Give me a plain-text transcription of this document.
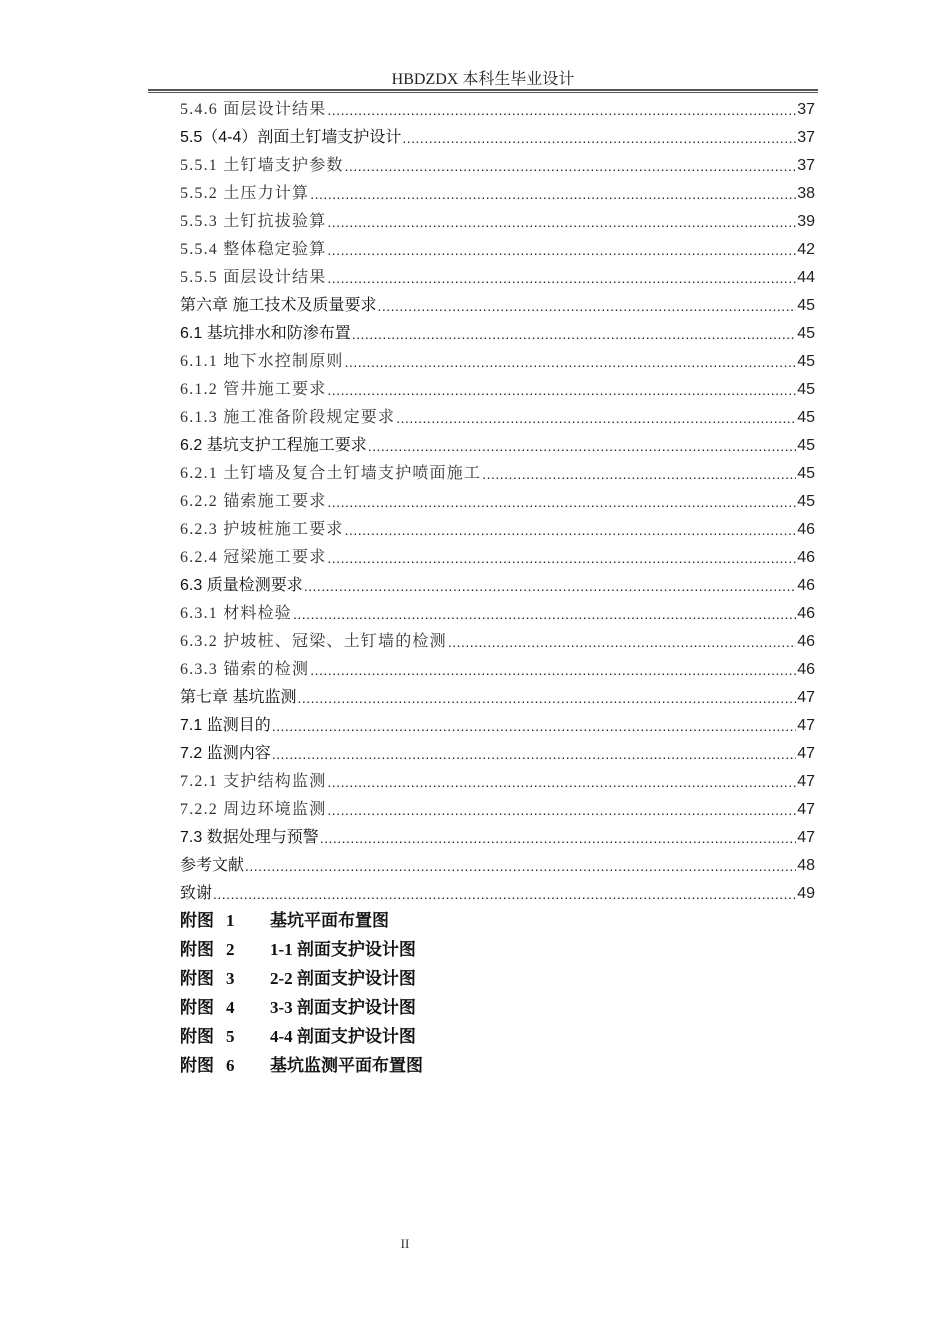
HBDZDX 本科生毕业设计
5.4.6 面层设计结果 .....	37
5.5（4-4）剖面土钉墙支护设计 .....	37
5.5.1 土钉墙支护参数 .....	37
5.5.2 土压力计算 .....	38
5.5.3 土钉抗拔验算 .....	39
5.5.4 整体稳定验算 .....	42
5.5.5 面层设计结果 .....	44
第六章 施工技术及质量要求 .....	45
6.1 基坑排水和防渗布置 .....	45
6.1.1 地下水控制原则 .....	45
6.1.2 管井施工要求 .....	45
6.1.3 施工准备阶段规定要求 .....	45
6.2 基坑支护工程施工要求 .....	45
6.2.1 土钉墙及复合土钉墙支护喷面施工 .....	45
6.2.2 锚索施工要求 .....	45
6.2.3 护坡桩施工要求 .....	46
6.2.4 冠梁施工要求 .....	46
6.3 质量检测要求 .....	46
6.3.1 材料检验 .....	46
6.3.2 护坡桩、冠梁、土钉墙的检测 .....	46
6.3.3 锚索的检测 .....	46
第七章 基坑监测 .....	47
7.1 监测目的 .....	47
7.2 监测内容 .....	47
7.2.1 支护结构监测 .....	47
7.2.2 周边环境监测 .....	47
7.3 数据处理与预警 .....	47
参考文献 .....	48
致谢 .....	49
附图 1	基坑平面布置图
附图 2	1-1 剖面支护设计图
附图 3	2-2 剖面支护设计图
附图 4	3-3 剖面支护设计图
附图 5	4-4 剖面支护设计图
附图 6	基坑监测平面布置图
II
